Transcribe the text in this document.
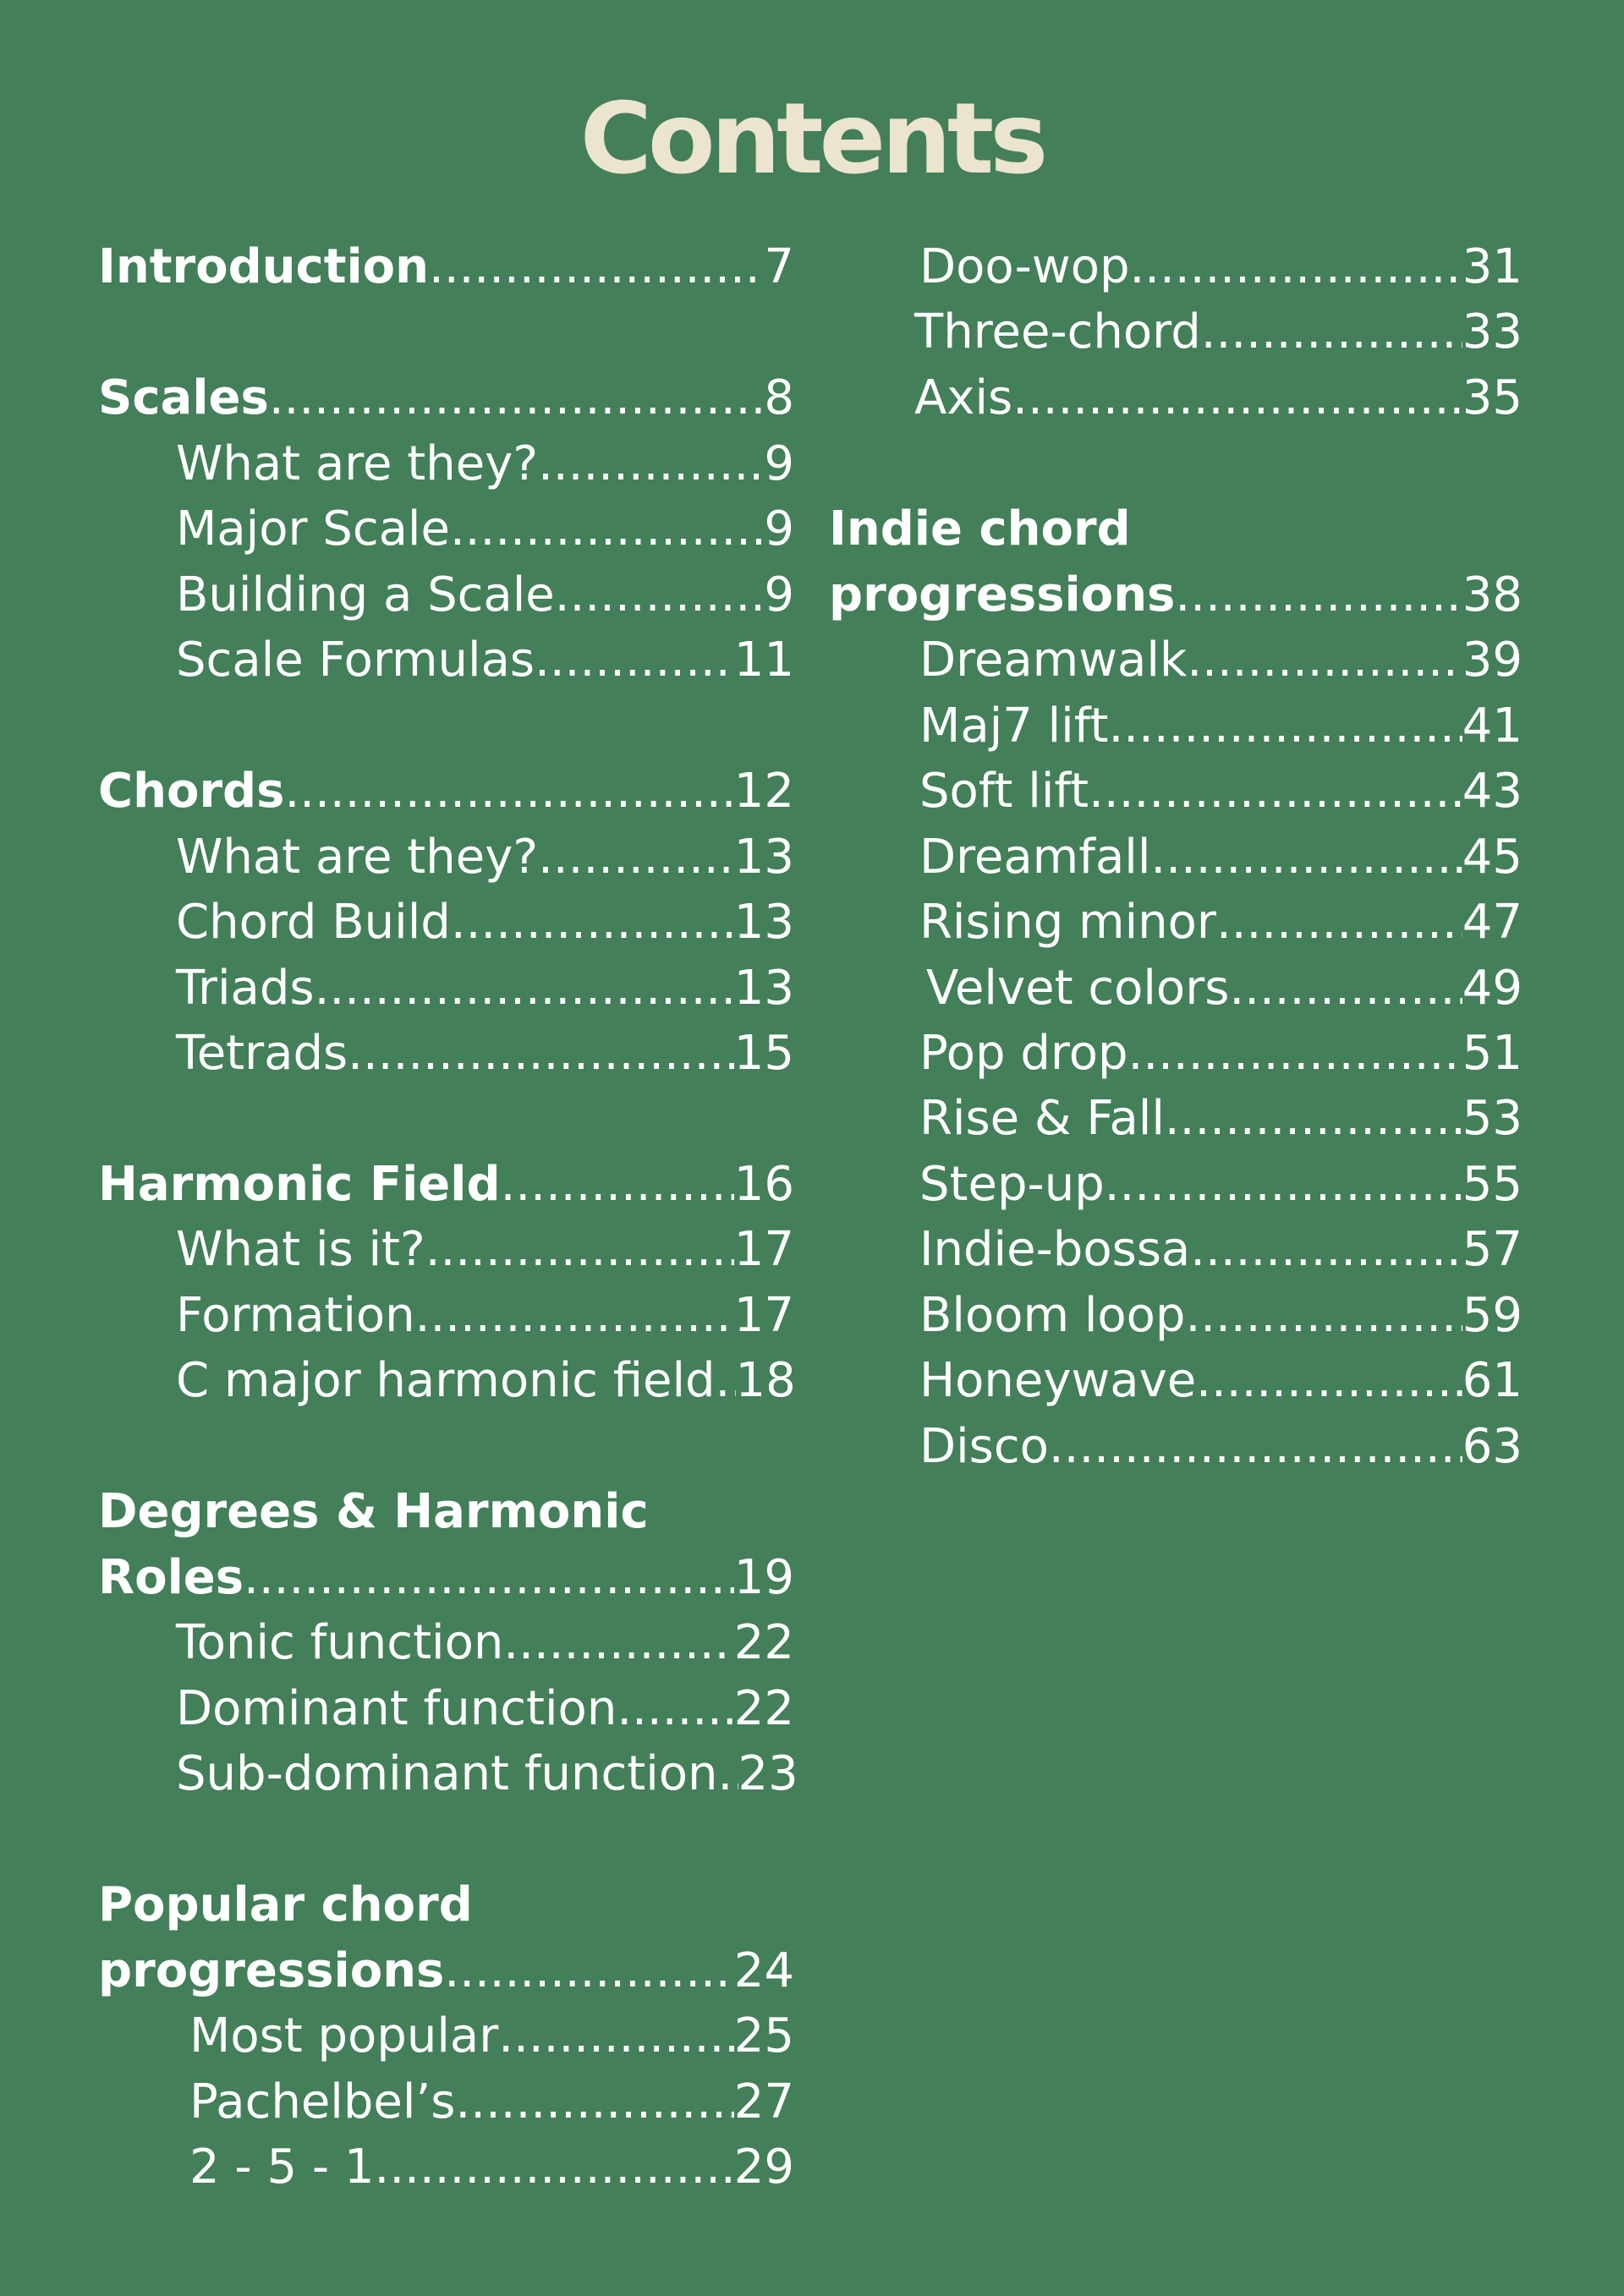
Contents
Introduction .....	7
Scales .....	8
What are they? .....	9
Major Scale .....	9
Building a Scale .....	9
Scale Formulas .....	11
Chords .....	12
What are they? .....	13
Chord Build .....	13
Triads .....	13
Tetrads .....	15
Harmonic Field .....	16
What is it? .....	17
Formation .....	17
C major harmonic field ..... 18
Degrees & Harmonic
Roles .....	19
Tonic function .....	22
Dominant function ..... 22
Sub-dominant function ..... 23
Popular chord
progressions .....	24
Most popular .....	25
Pachelbel’s .....	27
2 - 5 - 1 .....	29
Doo-wop .....	31
Three-chord .....	33
Axis .....	35
Indie chord
progressions .....	38
Dreamwalk .....	39
Maj7 lift .....	41
Soft lift .....	43
Dreamfall .....	45
Rising minor .....	47
Velvet colors .....	49
Pop drop .....	51
Rise & Fall .....	53
Step-up .....	55
Indie-bossa .....	57
Bloom loop .....	59
Honeywave .....	61
Disco .....	63
